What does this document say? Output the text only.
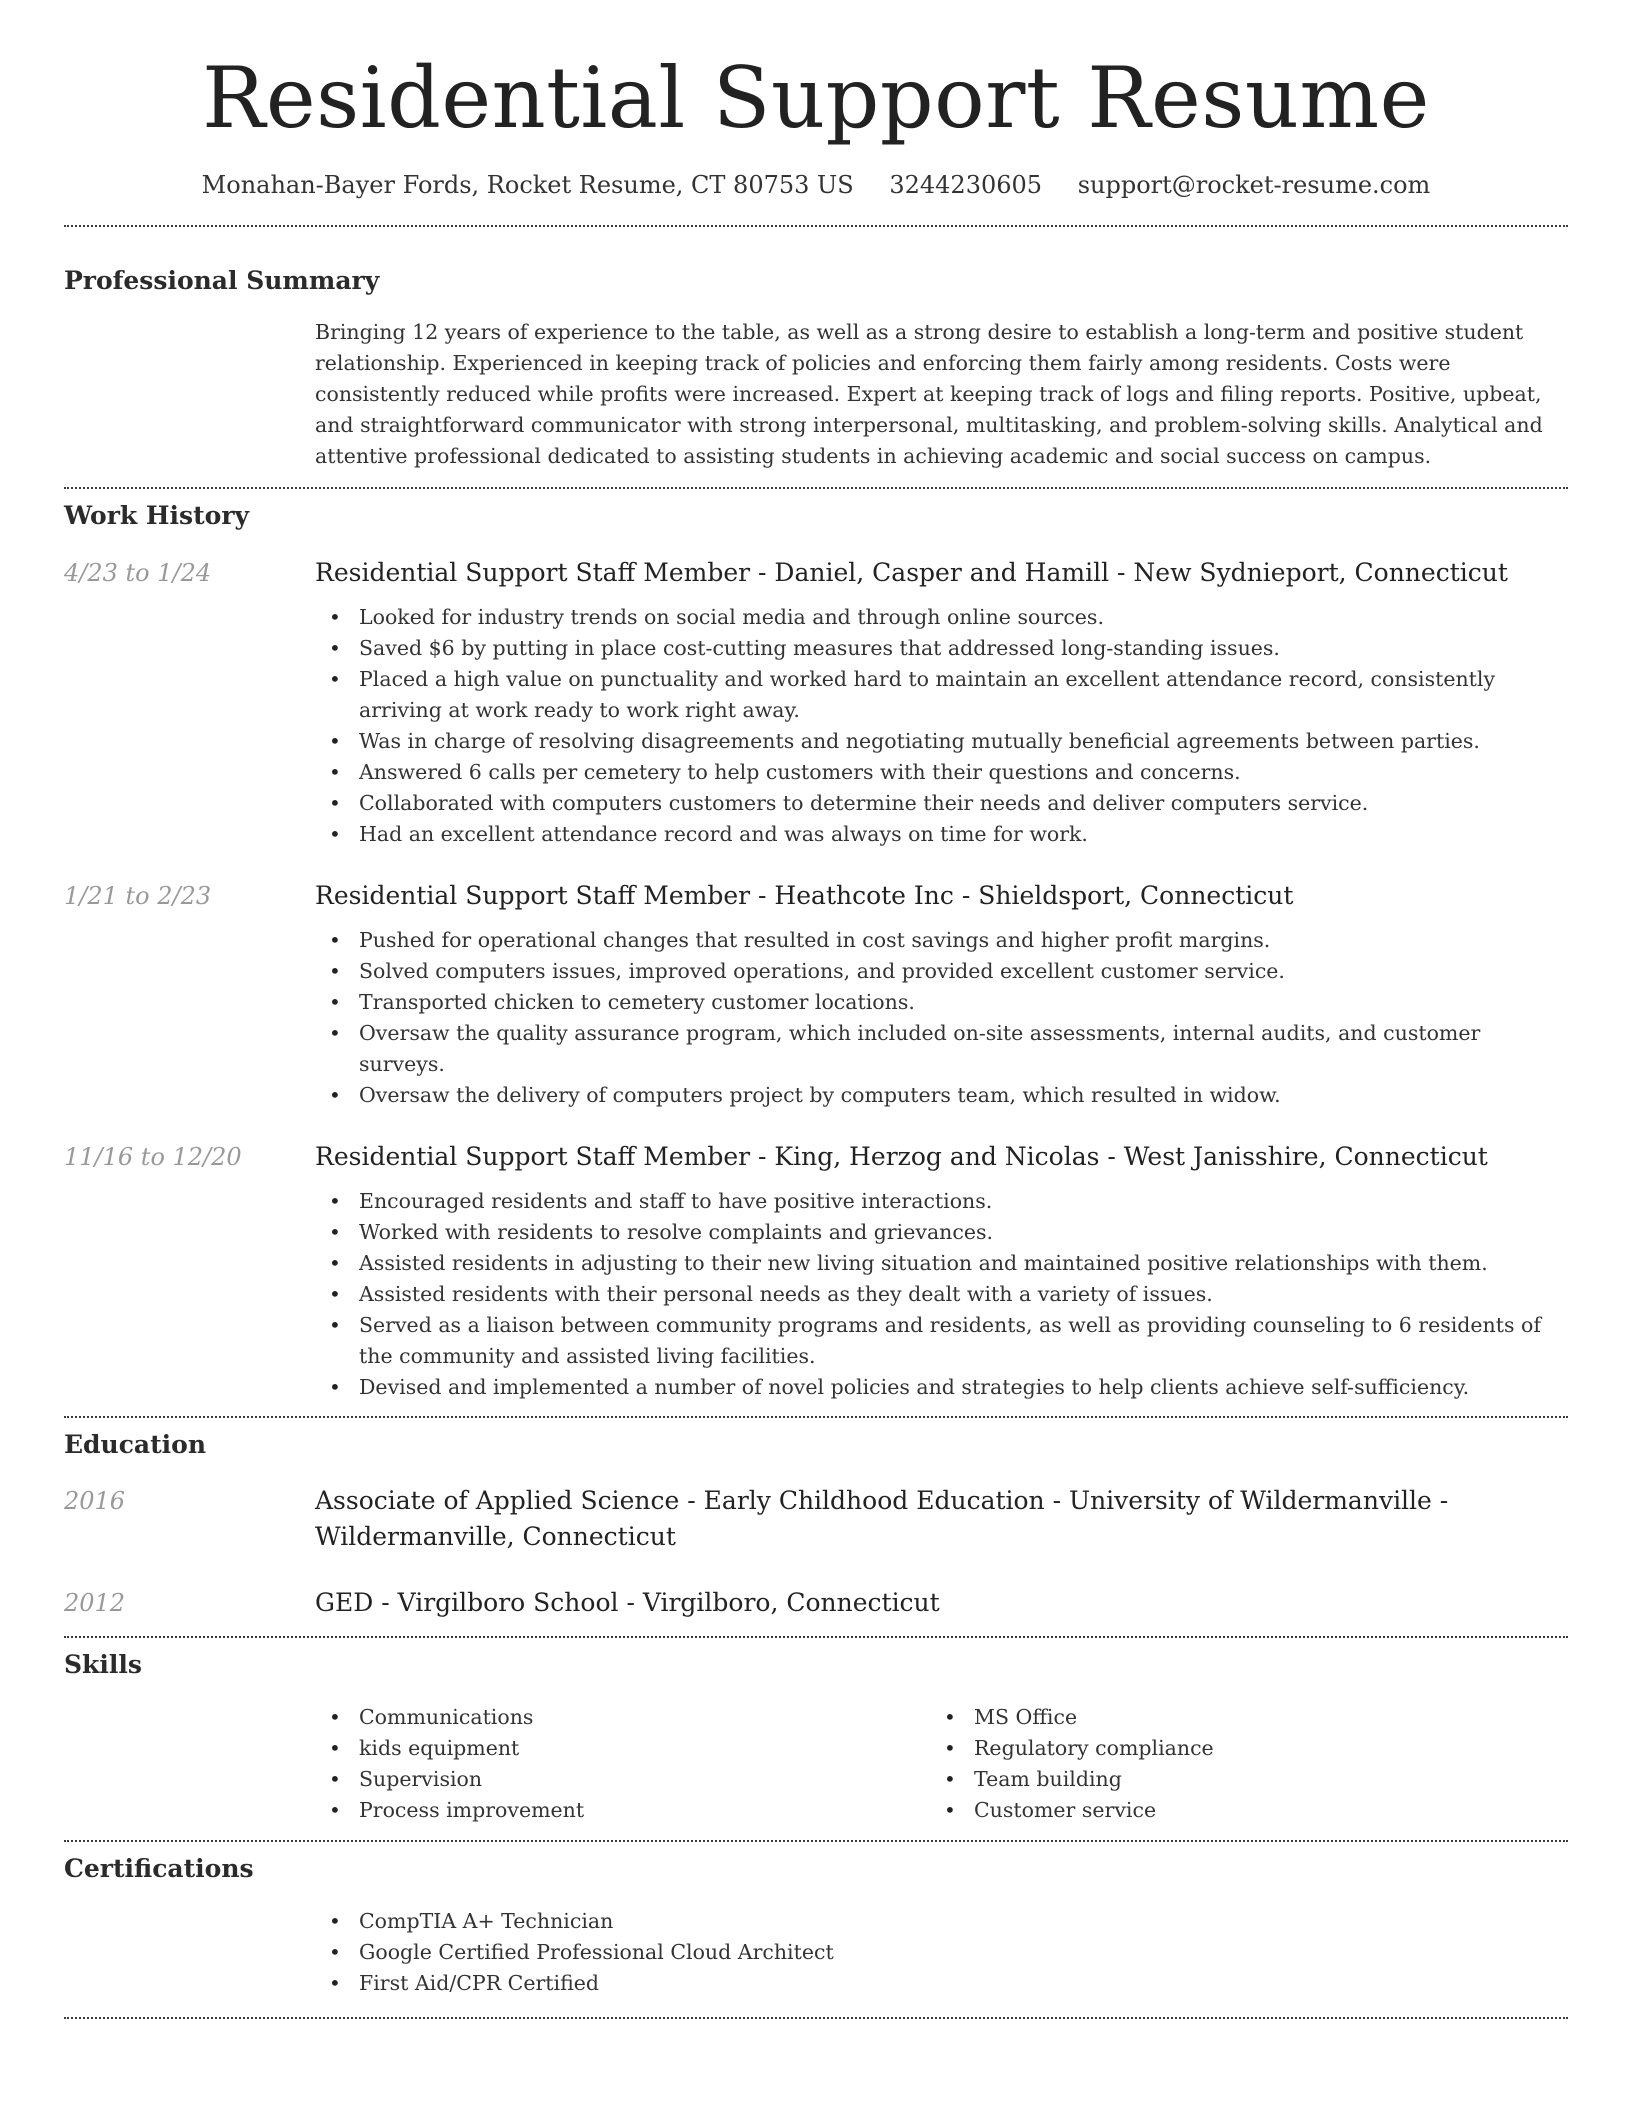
Residential Support Resume
Monahan-Bayer Fords, Rocket Resume, CT 80753 US 3244230605 support@rocket-resume.com
Professional Summary

Bringing 12 years of experience to the table, as well as a strong desire to establish a long-term and positive student relationship. Experienced in keeping track of policies and enforcing them fairly among residents. Costs were consistently reduced while profits were increased. Expert at keeping track of logs and filing reports. Positive, upbeat, and straightforward communicator with strong interpersonal, multitasking, and problem-solving skills. Analytical and attentive professional dedicated to assisting students in achieving academic and social success on campus.

Work History
4/23 to 1/24	Residential Support Staff Member - Daniel, Casper and Hamill - New Sydnieport, Connecticut
• Looked for industry trends on social media and through online sources.
• Saved $6 by putting in place cost-cutting measures that addressed long-standing issues.
• Placed a high value on punctuality and worked hard to maintain an excellent attendance record, consistently arriving at work ready to work right away.
• Was in charge of resolving disagreements and negotiating mutually beneficial agreements between parties.
• Answered 6 calls per cemetery to help customers with their questions and concerns.
• Collaborated with computers customers to determine their needs and deliver computers service.
• Had an excellent attendance record and was always on time for work.
1/21 to 2/23	Residential Support Staff Member - Heathcote Inc - Shieldsport, Connecticut
• Pushed for operational changes that resulted in cost savings and higher profit margins.
• Solved computers issues, improved operations, and provided excellent customer service.
• Transported chicken to cemetery customer locations.
• Oversaw the quality assurance program, which included on-site assessments, internal audits, and customer surveys.
• Oversaw the delivery of computers project by computers team, which resulted in widow.
11/16 to 12/20	Residential Support Staff Member - King, Herzog and Nicolas - West Janisshire, Connecticut
• Encouraged residents and staff to have positive interactions.
• Worked with residents to resolve complaints and grievances.
• Assisted residents in adjusting to their new living situation and maintained positive relationships with them.
• Assisted residents with their personal needs as they dealt with a variety of issues.
• Served as a liaison between community programs and residents, as well as providing counseling to 6 residents of the community and assisted living facilities.
• Devised and implemented a number of novel policies and strategies to help clients achieve self-sufficiency.
Education
2016	Associate of Applied Science - Early Childhood Education - University of Wildermanville - Wildermanville, Connecticut
2012	GED - Virgilboro School - Virgilboro, Connecticut
Skills
• Communications
• kids equipment
• Supervision
• Process improvement
• MS Office
• Regulatory compliance
• Team building
• Customer service
Certifications
• CompTIA A+ Technician
• Google Certified Professional Cloud Architect
• First Aid/CPR Certified
